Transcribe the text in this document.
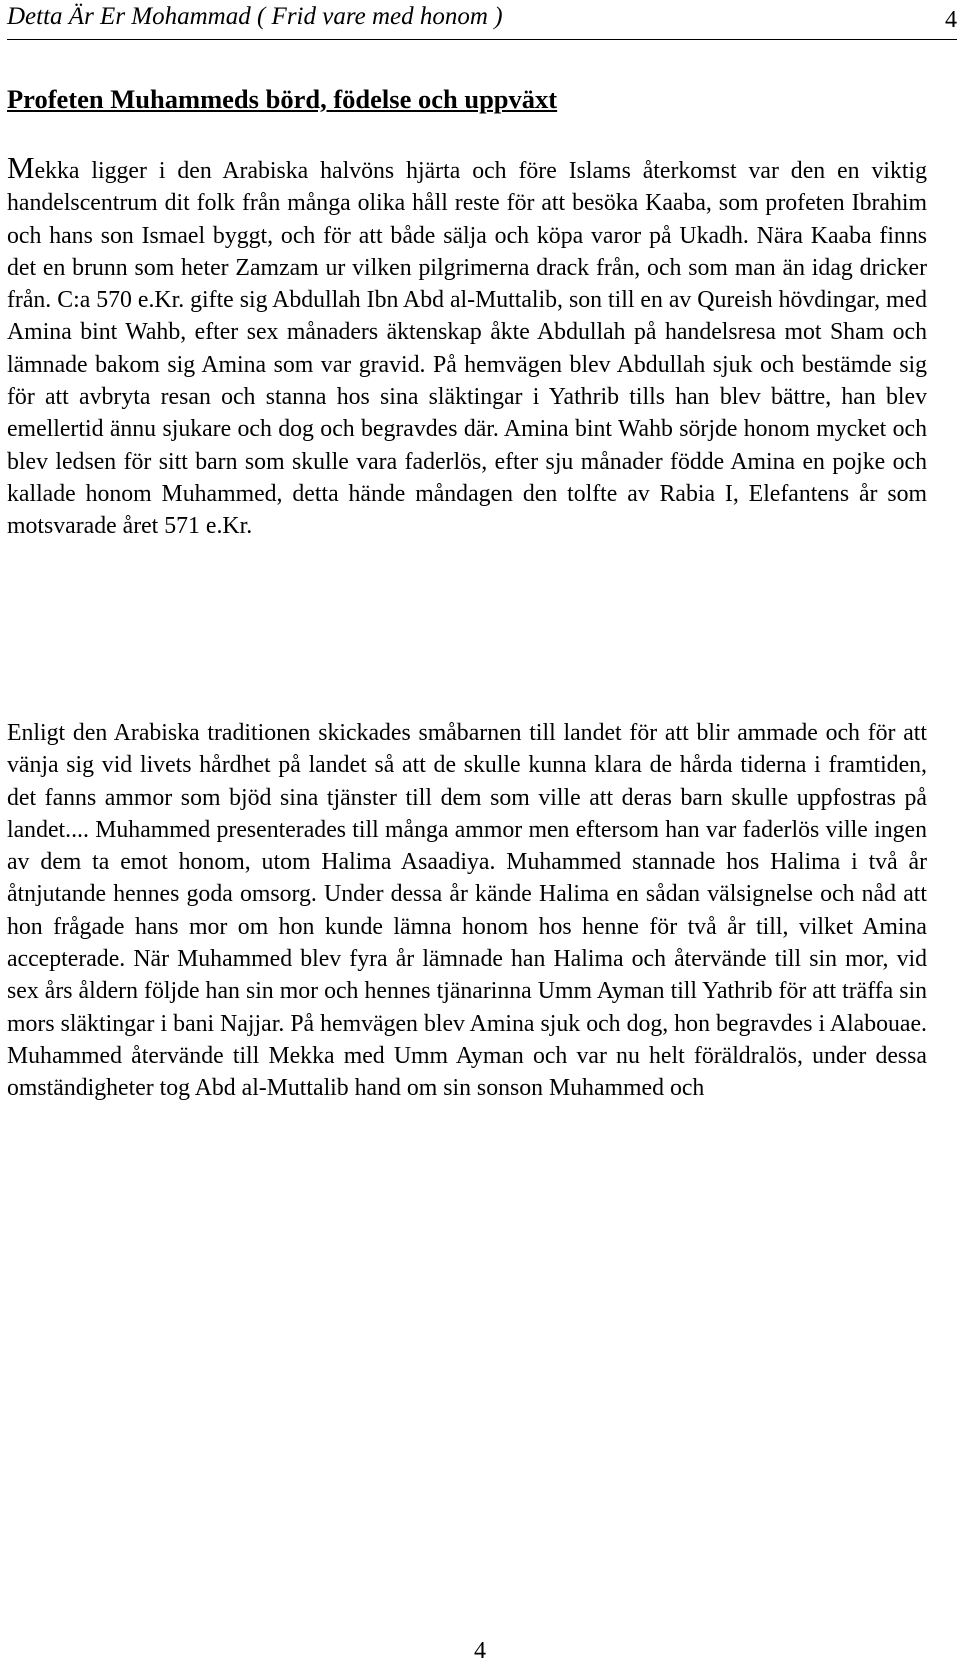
Detta Är Er Mohammad ( Frid vare med honom )	4
Profeten Muhammeds börd, födelse och uppväxt

Mekka ligger i den Arabiska halvöns hjärta och före Islams återkomst var den en viktig handelscentrum dit folk från många olika håll reste för att besöka Kaaba, som profeten Ibrahim och hans son Ismael byggt, och för att både sälja och köpa varor på Ukadh. Nära Kaaba finns det en brunn som heter Zamzam ur vilken pilgrimerna drack från, och som man än idag dricker från. C:a 570 e.Kr. gifte sig Abdullah Ibn Abd al-Muttalib, son till en av Qureish hövdingar, med Amina bint Wahb, efter sex månaders äktenskap åkte Abdullah på handelsresa mot Sham och lämnade bakom sig Amina som var gravid. På hemvägen blev Abdullah sjuk och bestämde sig för att avbryta resan och stanna hos sina släktingar i Yathrib tills han blev bättre, han blev emellertid ännu sjukare och dog och begravdes där. Amina bint Wahb sörjde honom mycket och blev ledsen för sitt barn som skulle vara faderlös, efter sju månader födde Amina en pojke och kallade honom Muhammed, detta hände måndagen den tolfte av Rabia I, Elefantens år som motsvarade året 571 e.Kr.

Enligt den Arabiska traditionen skickades småbarnen till landet för att blir ammade och för att vänja sig vid livets hårdhet på landet så att de skulle kunna klara de hårda tiderna i framtiden, det fanns ammor som bjöd sina tjänster till dem som ville att deras barn skulle uppfostras på landet.... Muhammed presenterades till många ammor men eftersom han var faderlös ville ingen av dem ta emot honom, utom Halima Asaadiya. Muhammed stannade hos Halima i två år åtnjutande hennes goda omsorg. Under dessa år kände Halima en sådan välsignelse och nåd att hon frågade hans mor om hon kunde lämna honom hos henne för två år till, vilket Amina accepterade. När Muhammed blev fyra år lämnade han Halima och återvände till sin mor, vid sex års åldern följde han sin mor och hennes tjänarinna Umm Ayman till Yathrib för att träffa sin mors släktingar i bani Najjar. På hemvägen blev Amina sjuk och dog, hon begravdes i Alabouae. Muhammed återvände till Mekka med Umm Ayman och var nu helt föräldralös, under dessa omständigheter tog Abd al-Muttalib hand om sin sonson Muhammed och

4
